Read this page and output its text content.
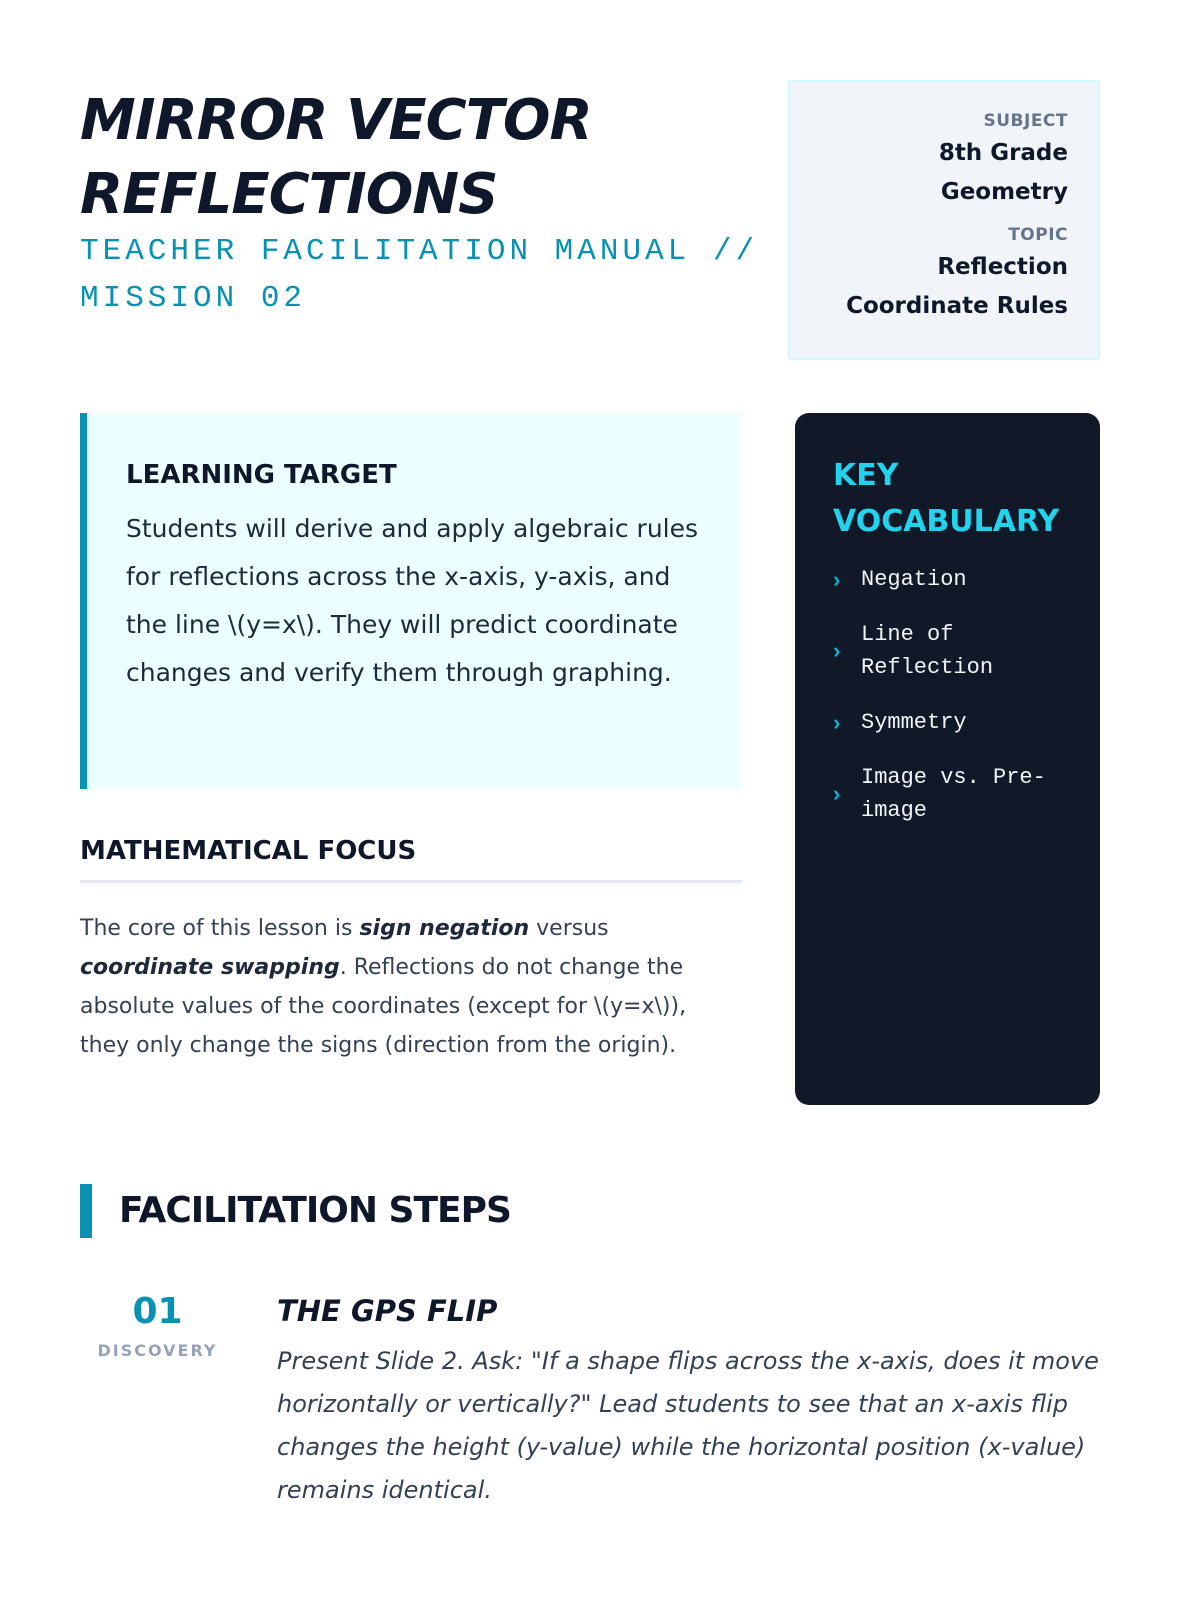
MIRROR VECTOR
REFLECTIONS
TEACHER FACILITATION MANUAL //
MISSION 02
SUBJECT
8th Grade
Geometry
TOPIC
Reflection
Coordinate Rules
LEARNING TARGET

Students will derive and apply algebraic rules for reflections across the x-axis, y-axis, and the line \(y=x\). They will predict coordinate changes and verify them through graphing.

MATHEMATICAL FOCUS

The core of this lesson is sign negation versus coordinate swapping. Reflections do not change the absolute values of the coordinates (except for \(y=x\)), they only change the signs (direction from the origin).

KEY
VOCABULARY
› Negation
›
Line of
Reflection
› Symmetry
›
Image vs. Pre-
image
FACILITATION STEPS
01
DISCOVERY
THE GPS FLIP

Present Slide 2. Ask: "If a shape flips across the x-axis, does it move horizontally or vertically?" Lead students to see that an x-axis flip changes the height (y-value) while the horizontal position (x-value) remains identical.
